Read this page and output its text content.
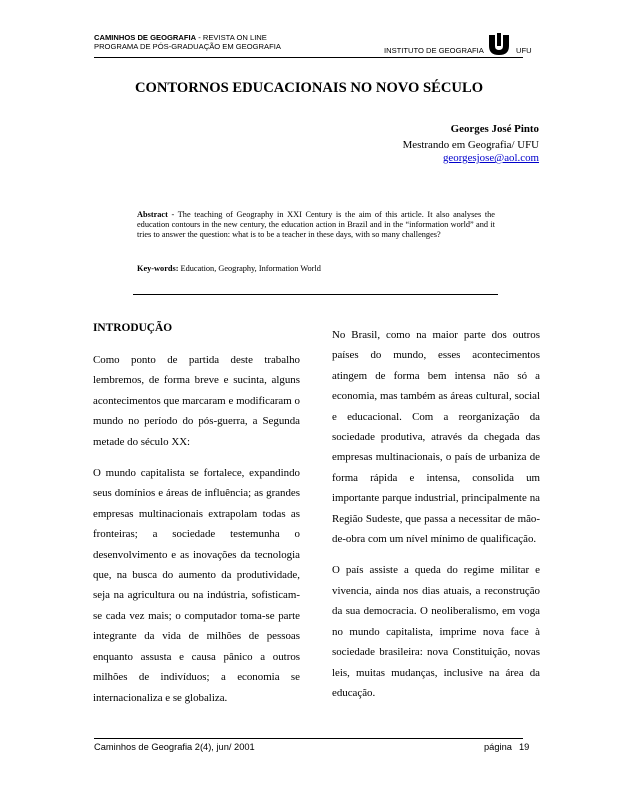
CAMINHOS DE GEOGRAFIA - REVISTA ON LINE
PROGRAMA DE PÓS-GRADUAÇÃO EM GEOGRAFIA	INSTITUTO DE GEOGRAFIA	UFU
CONTORNOS EDUCACIONAIS NO NOVO SÉCULO
Georges José Pinto
Mestrando em Geografia/ UFU
georgesjose@aol.com
Abstract - The teaching of Geography in XXI Century is the aim of this article. It also analyses the education contours in the new century, the education action in Brazil and in the “information world” and it tries to answer the question: what is to be a teacher in these days, with so many challenges?
Key-words: Education, Geography, Information World
INTRODUÇÃO

Como ponto de partida deste trabalho lembremos, de forma breve e sucinta, alguns acontecimentos que marcaram e modificaram o mundo no período do pós-guerra, a Segunda metade do século XX:

O mundo capitalista se fortalece, expandindo seus domínios e áreas de influência; as grandes empresas multinacionais extrapolam todas as fronteiras; a sociedade testemunha o desenvolvimento e as inovações da tecnologia que, na busca do aumento da produtividade, seja na agricultura ou na indústria, sofisticam-se cada vez mais; o computador toma-se parte integrante da vida de milhões de pessoas enquanto assusta e causa pânico a outros milhões de indivíduos; a economia se internacionaliza e se globaliza.

No Brasil, como na maior parte dos outros países do mundo, esses acontecimentos atingem de forma bem intensa não só a economia, mas também as áreas cultural, social e educacional. Com a reorganização da sociedade produtiva, através da chegada das empresas multinacionais, o país de urbaniza de forma rápida e intensa, consolida um importante parque industrial, principalmente na Região Sudeste, que passa a necessitar de mão-de-obra com um nível mínimo de qualificação.

O país assiste a queda do regime militar e vivencia, ainda nos dias atuais, a reconstrução da sua democracia. O neoliberalismo, em voga no mundo capitalista, imprime nova face à sociedade brasileira: nova Constituição, novas leis, muitas mudanças, inclusive na área da educação.

Caminhos de Geografia 2(4), jun/ 2001	página 19
